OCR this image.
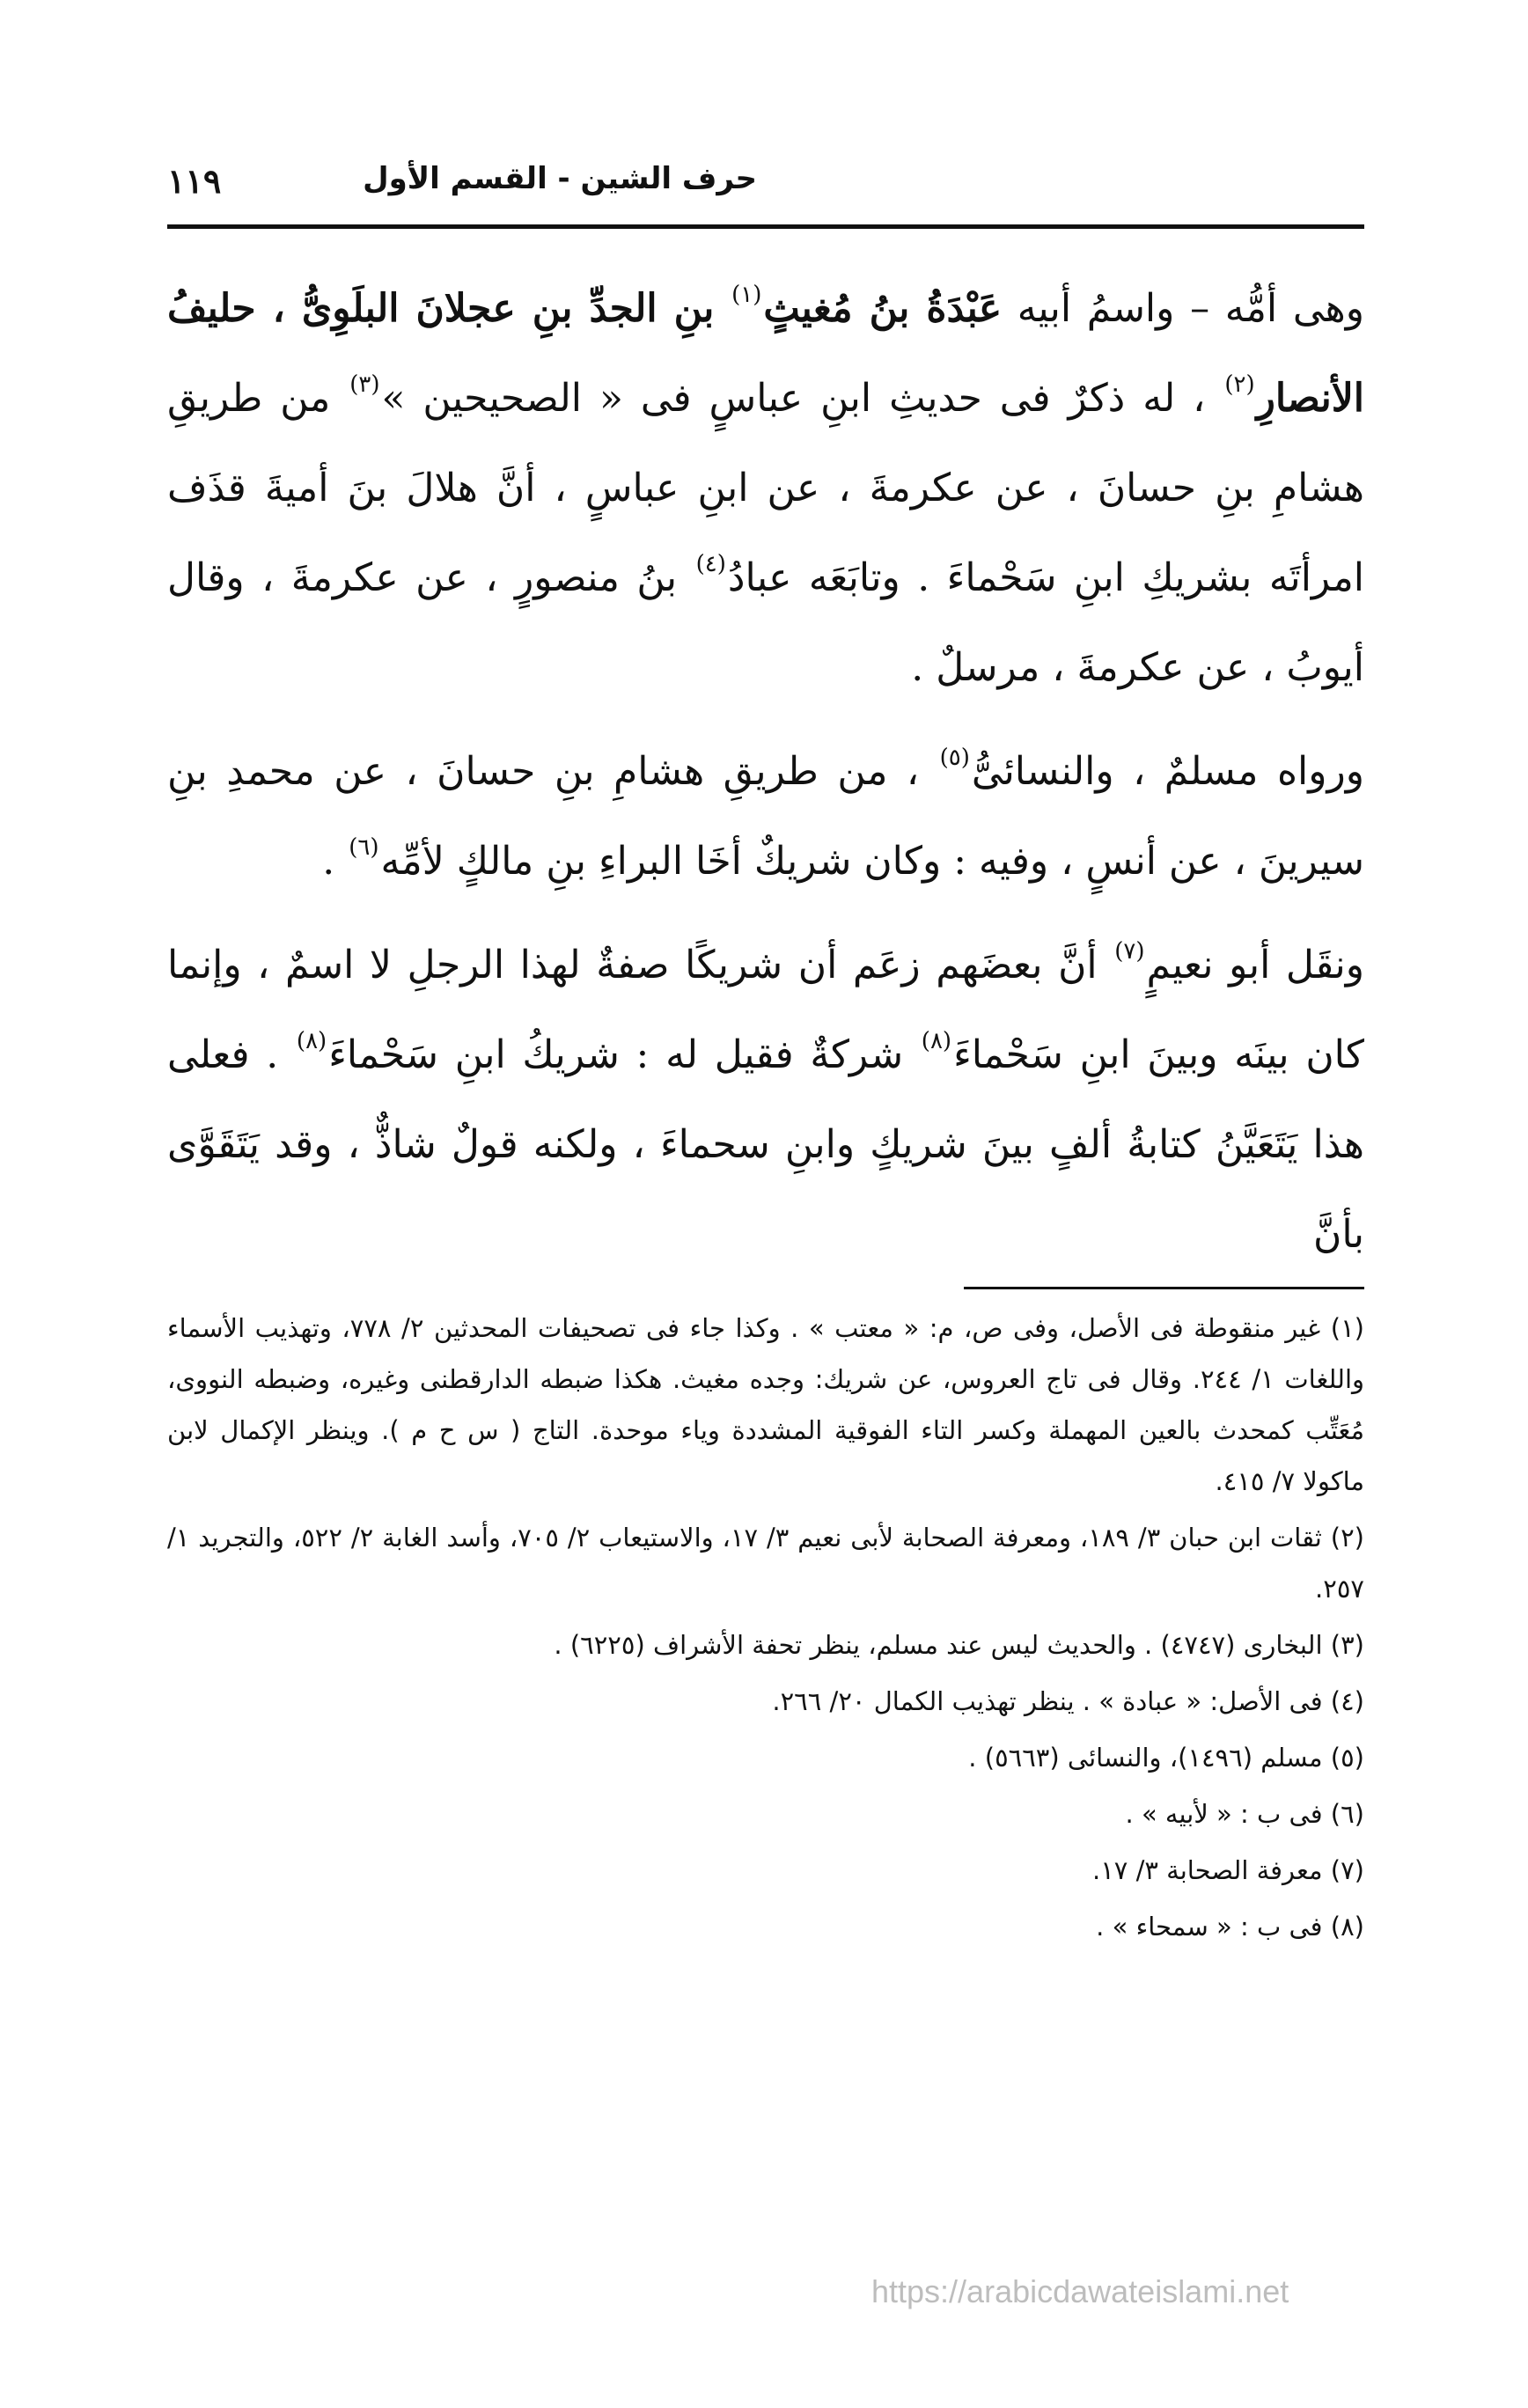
حرف الشين - القسم الأول
١١٩

وهى أمُّه – واسمُ أبيه عَبْدَةُ بنُ مُغيثٍ$^{(١)}$ بنِ الجدِّ بنِ عجلانَ البلَوِىُّ ، حليفُ الأنصارِ$^{(٢)}$ ، له ذكرٌ فى حديثِ ابنِ عباسٍ فى « الصحيحين »$^{(٣)}$ من طريقِ هشامِ بنِ حسانَ ، عن عكرمةَ ، عن ابنِ عباسٍ ، أنَّ هلالَ بنَ أميةَ قذَف امرأتَه بشريكِ ابنِ سَحْماءَ . وتابَعَه عبادُ$^{(٤)}$ بنُ منصورٍ ، عن عكرمةَ ، وقال أيوبُ ، عن عكرمةَ ، مرسلٌ .

ورواه مسلمٌ ، والنسائىُّ$^{(٥)}$ ، من طريقِ هشامِ بنِ حسانَ ، عن محمدِ بنِ سيرينَ ، عن أنسٍ ، وفيه : وكان شريكٌ أخَا البراءِ بنِ مالكٍ لأمِّه$^{(٦)}$ .

ونقَل أبو نعيمٍ$^{(٧)}$ أنَّ بعضَهم زعَم أن شريكًا صفةٌ لهذا الرجلِ لا اسمٌ ، وإنما كان بينَه وبينَ ابنِ سَحْماءَ$^{(٨)}$ شركةٌ فقيل له : شريكُ ابنِ سَحْماءَ$^{(٨)}$ . فعلى هذا يَتَعَيَّنُ كتابةُ ألفٍ بينَ شريكٍ وابنِ سحماءَ ، ولكنه قولٌ شاذٌّ ، وقد يَتَقَوَّى بأنَّ

(١) غير منقوطة فى الأصل، وفى ص، م: « معتب » . وكذا جاء فى تصحيفات المحدثين ٢/ ٧٧٨، وتهذيب الأسماء واللغات ١/ ٢٤٤. وقال فى تاج العروس، عن شريك: وجده مغيث. هكذا ضبطه الدارقطنى وغيره، وضبطه النووى، مُعَتِّب كمحدث بالعين المهملة وكسر التاء الفوقية المشددة وياء موحدة. التاج ( س ح م ). وينظر الإكمال لابن ماكولا ٧/ ٤١٥.

(٢) ثقات ابن حبان ٣/ ١٨٩، ومعرفة الصحابة لأبى نعيم ٣/ ١٧، والاستيعاب ٢/ ٧٠٥، وأسد الغابة ٢/ ٥٢٢، والتجريد ١/ ٢٥٧.

(٣) البخارى (٤٧٤٧) . والحديث ليس عند مسلم، ينظر تحفة الأشراف (٦٢٢٥) .

(٤) فى الأصل: « عبادة » . ينظر تهذيب الكمال ٢٠/ ٢٦٦.

(٥) مسلم (١٤٩٦)، والنسائى (٥٦٦٣) .

(٦) فى ب : « لأبيه » .

(٧) معرفة الصحابة ٣/ ١٧.

(٨) فى ب : « سمحاء » .

https://arabicdawateislami.net
